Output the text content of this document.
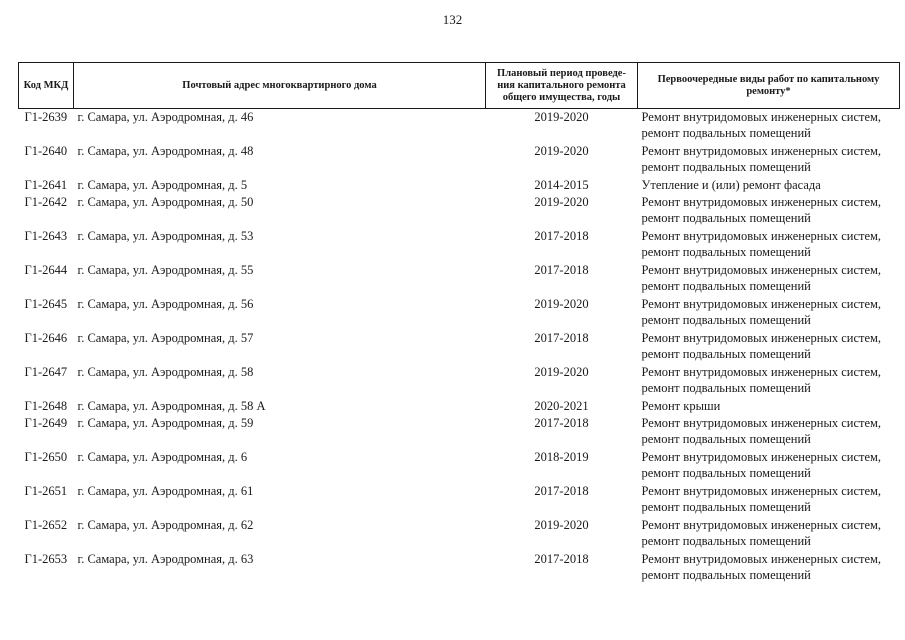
132
Код МКД	Почтовый адрес многоквартирного дома	Плановый период проведе-ния капитального ремонта общего имущества, годы	Первоочередные виды работ по капитальному ремонту*
Г1-2639	г. Самара, ул. Аэродромная, д. 46	2019-2020	Ремонт внутридомовых инженерных систем,
ремонт подвальных помещений

Г1-2640	г. Самара, ул. Аэродромная, д. 48	2019-2020	Ремонт внутридомовых инженерных систем,
ремонт подвальных помещений

Г1-2641	г. Самара, ул. Аэродромная, д. 5	2014-2015	Утепление и (или) ремонт фасада

Г1-2642	г. Самара, ул. Аэродромная, д. 50	2019-2020	Ремонт внутридомовых инженерных систем,
ремонт подвальных помещений

Г1-2643	г. Самара, ул. Аэродромная, д. 53	2017-2018	Ремонт внутридомовых инженерных систем,
ремонт подвальных помещений

Г1-2644	г. Самара, ул. Аэродромная, д. 55	2017-2018	Ремонт внутридомовых инженерных систем,
ремонт подвальных помещений

Г1-2645	г. Самара, ул. Аэродромная, д. 56	2019-2020	Ремонт внутридомовых инженерных систем,
ремонт подвальных помещений

Г1-2646	г. Самара, ул. Аэродромная, д. 57	2017-2018	Ремонт внутридомовых инженерных систем,
ремонт подвальных помещений

Г1-2647	г. Самара, ул. Аэродромная, д. 58	2019-2020	Ремонт внутридомовых инженерных систем,
ремонт подвальных помещений

Г1-2648	г. Самара, ул. Аэродромная, д. 58 А	2020-2021	Ремонт крыши

Г1-2649	г. Самара, ул. Аэродромная, д. 59	2017-2018	Ремонт внутридомовых инженерных систем,
ремонт подвальных помещений

Г1-2650	г. Самара, ул. Аэродромная, д. 6	2018-2019	Ремонт внутридомовых инженерных систем,
ремонт подвальных помещений

Г1-2651	г. Самара, ул. Аэродромная, д. 61	2017-2018	Ремонт внутридомовых инженерных систем,
ремонт подвальных помещений

Г1-2652	г. Самара, ул. Аэродромная, д. 62	2019-2020	Ремонт внутридомовых инженерных систем,
ремонт подвальных помещений

Г1-2653	г. Самара, ул. Аэродромная, д. 63	2017-2018	Ремонт внутридомовых инженерных систем,
ремонт подвальных помещений
